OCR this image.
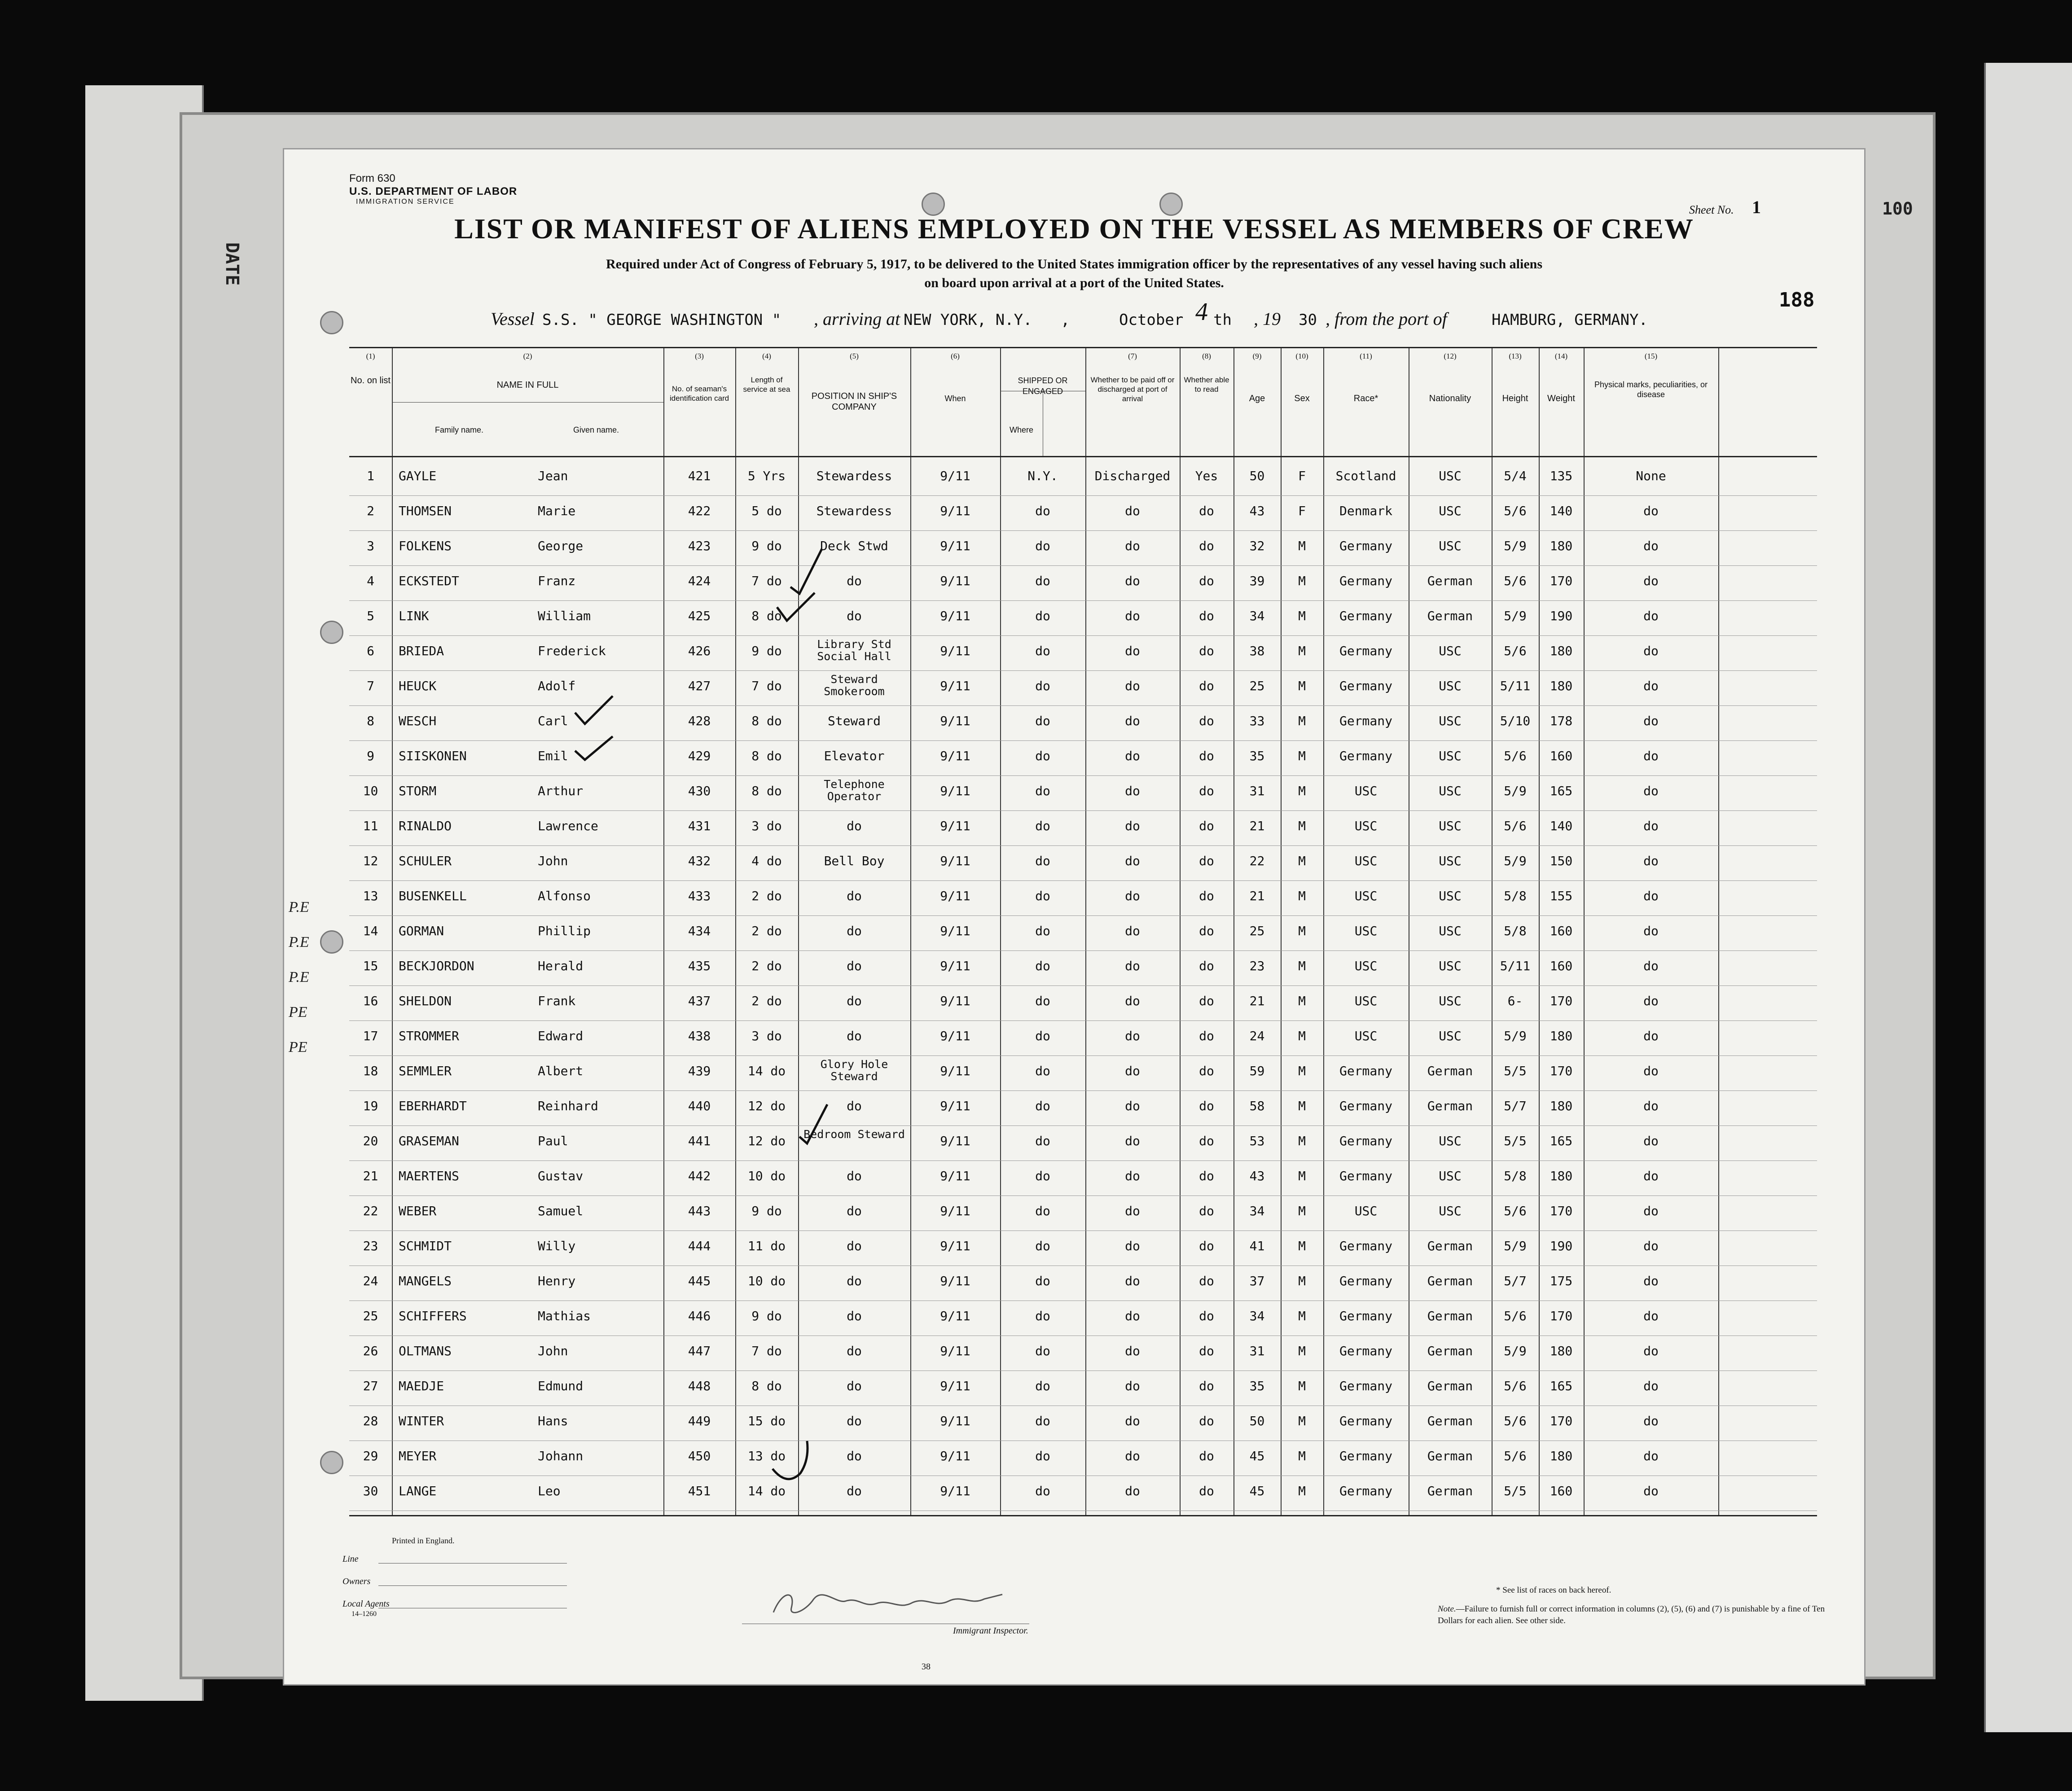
DATE
Form 630
U.S. DEPARTMENT OF LABOR
IMMIGRATION SERVICE
Sheet No. 1	100
LIST OR MANIFEST OF ALIENS EMPLOYED ON THE VESSEL AS MEMBERS OF CREW
Required under Act of Congress of February 5, 1917, to be delivered to the United States immigration officer by the representatives of any vessel having such aliens
on board upon arrival at a port of the United States.
188
Vessel S.S. " GEORGE WASHINGTON " , arriving at NEW YORK, N.Y. ,	October 4 th , 19 30 , from the port of	HAMBURG, GERMANY.
(1)
No. on list
(2)
NAME IN FULL
Family name.	Given name.
(3)
No. of seaman's identification card
(4)
Length of service at sea
(5)
POSITION IN SHIP'S COMPANY
(6)
When
SHIPPED OR ENGAGED
Where
(7)
Whether to be paid off or discharged at port of arrival
(8)
Whether able to read
(9)
Age
(10)
Sex
(11)
Race*
(12)
Nationality
(13)
Height
(14)
Weight
(15)
Physical marks, peculiarities, or disease
1	GAYLE	Jean	421	5 Yrs	Stewardess	9/11	N.Y.	Discharged	Yes	50	F	Scotland	USC	5/4	135	None
2	THOMSEN	Marie	422	5 do	Stewardess	9/11	do	do	do	43	F	Denmark	USC	5/6	140	do
3	FOLKENS	George	423	9 do	Deck Stwd	9/11	do	do	do	32	M	Germany	USC	5/9	180	do
4	ECKSTEDT	Franz	424	7 do	do	9/11	do	do	do	39	M	Germany	German	5/6	170	do
5	LINK	William	425	8 do	do	9/11	do	do	do	34	M	Germany	German	5/9	190	do
6	BRIEDA	Frederick	426	9 do	Library Std Social Hall	9/11	do	do	do	38	M	Germany	USC	5/6	180	do
7	HEUCK	Adolf	427	7 do	Steward Smokeroom	9/11	do	do	do	25	M	Germany	USC	5/11	180	do
8	WESCH	Carl	428	8 do	Steward	9/11	do	do	do	33	M	Germany	USC	5/10	178	do
9	SIISKONEN	Emil	429	8 do	Elevator	9/11	do	do	do	35	M	Germany	USC	5/6	160	do
10	STORM	Arthur	430	8 do	Telephone Operator	9/11	do	do	do	31	M	USC	USC	5/9	165	do
11	RINALDO	Lawrence	431	3 do	do	9/11	do	do	do	21	M	USC	USC	5/6	140	do
12	SCHULER	John	432	4 do	Bell Boy	9/11	do	do	do	22	M	USC	USC	5/9	150	do
13	BUSENKELL	Alfonso	433	2 do	do	9/11	do	do	do	21	M	USC	USC	5/8	155	do
14	GORMAN	Phillip	434	2 do	do	9/11	do	do	do	25	M	USC	USC	5/8	160	do
15	BECKJORDON	Herald	435	2 do	do	9/11	do	do	do	23	M	USC	USC	5/11	160	do
16	SHELDON	Frank	437	2 do	do	9/11	do	do	do	21	M	USC	USC	6-	170	do
17	STROMMER	Edward	438	3 do	do	9/11	do	do	do	24	M	USC	USC	5/9	180	do
18	SEMMLER	Albert	439	14 do	Glory Hole Steward	9/11	do	do	do	59	M	Germany	German	5/5	170	do
19	EBERHARDT	Reinhard	440	12 do	do	9/11	do	do	do	58	M	Germany	German	5/7	180	do
20	GRASEMAN	Paul	441	12 do	Bedroom Steward	9/11	do	do	do	53	M	Germany	USC	5/5	165	do
21	MAERTENS	Gustav	442	10 do	do	9/11	do	do	do	43	M	Germany	USC	5/8	180	do
22	WEBER	Samuel	443	9 do	do	9/11	do	do	do	34	M	USC	USC	5/6	170	do
23	SCHMIDT	Willy	444	11 do	do	9/11	do	do	do	41	M	Germany	German	5/9	190	do
24	MANGELS	Henry	445	10 do	do	9/11	do	do	do	37	M	Germany	German	5/7	175	do
25	SCHIFFERS	Mathias	446	9 do	do	9/11	do	do	do	34	M	Germany	German	5/6	170	do
26	OLTMANS	John	447	7 do	do	9/11	do	do	do	31	M	Germany	German	5/9	180	do
27	MAEDJE	Edmund	448	8 do	do	9/11	do	do	do	35	M	Germany	German	5/6	165	do
28	WINTER	Hans	449	15 do	do	9/11	do	do	do	50	M	Germany	German	5/6	170	do
29	MEYER	Johann	450	13 do	do	9/11	do	do	do	45	M	Germany	German	5/6	180	do
30	LANGE	Leo	451	14 do	do	9/11	do	do	do	45	M	Germany	German	5/5	160	do
P.E
P.E
P.E
PE
PE
Printed in England.
Line
Owners
Local Agents
14–1260
Immigrant Inspector.
* See list of races on back hereof.
Note.—Failure to furnish full or correct information in columns (2), (5), (6) and (7) is punishable by a fine of Ten Dollars for each alien. See other side.
38
